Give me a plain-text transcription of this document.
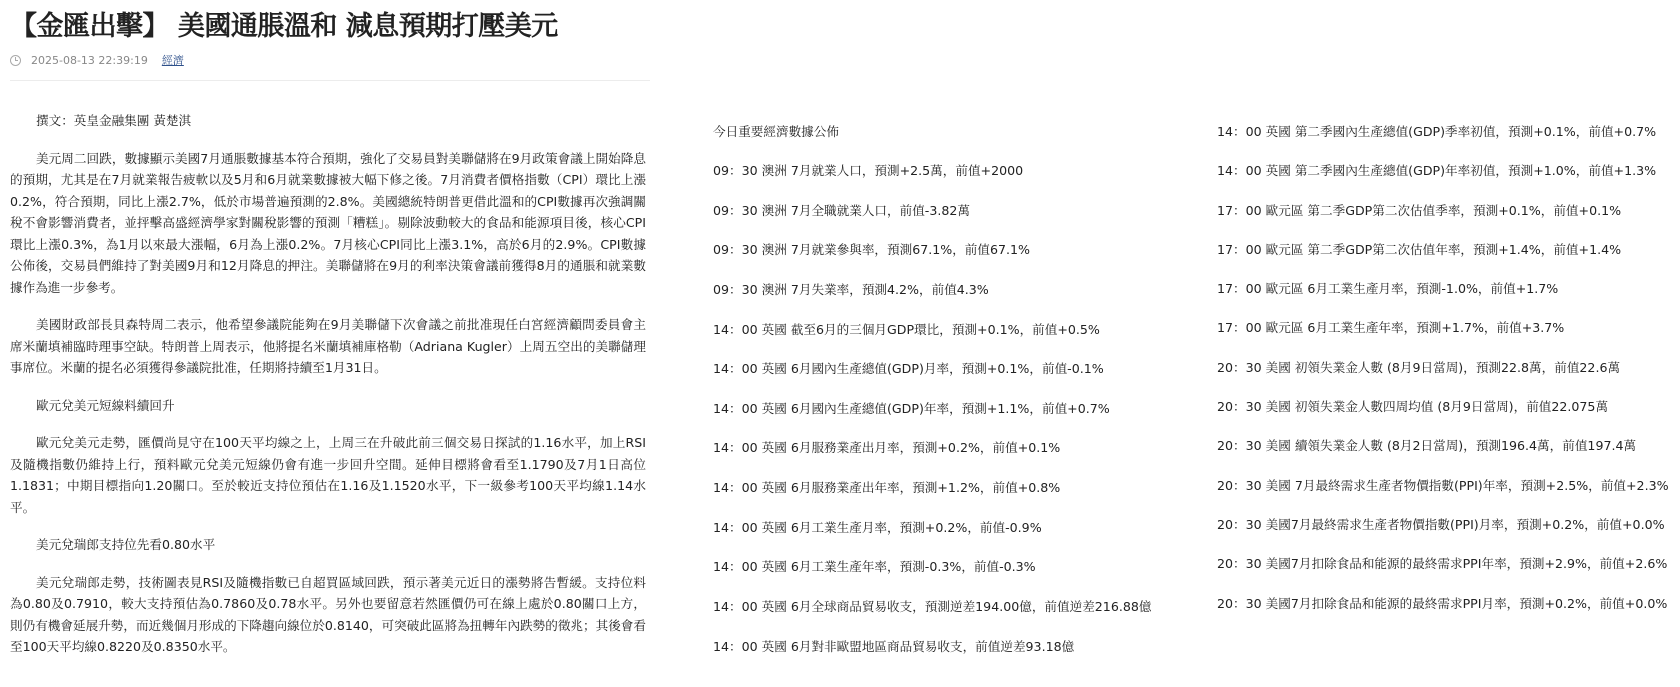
【金匯出擊】 美國通脹溫和 減息預期打壓美元
2025-08-13 22:39:19 經濟

撰文：英皇金融集團 黃楚淇

美元周二回跌，數據顯示美國7月通脹數據基本符合預期，強化了交易員對美聯儲將在9月政策會議上開始降息的預期，尤其是在7月就業報告疲軟以及5月和6月就業數據被大幅下修之後。7月消費者價格指數（CPI）環比上漲0.2%，符合預期，同比上漲2.7%，低於市場普遍預測的2.8%。美國總統特朗普更借此溫和的CPI數據再次強調關稅不會影響消費者，並抨擊高盛經濟學家對關稅影響的預測「糟糕」。剔除波動較大的食品和能源項目後，核心CPI環比上漲0.3%，為1月以來最大漲幅，6月為上漲0.2%。7月核心CPI同比上漲3.1%，高於6月的2.9%。CPI數據公佈後，交易員們維持了對美國9月和12月降息的押注。美聯儲將在9月的利率決策會議前獲得8月的通脹和就業數據作為進一步參考。

美國財政部長貝森特周二表示，他希望參議院能夠在9月美聯儲下次會議之前批准現任白宮經濟顧問委員會主席米蘭填補臨時理事空缺。特朗普上周表示，他將提名米蘭填補庫格勒（Adriana Kugler）上周五空出的美聯儲理事席位。米蘭的提名必須獲得參議院批准，任期將持續至1月31日。

歐元兌美元短線料續回升

歐元兌美元走勢，匯價尚見守在100天平均線之上，上周三在升破此前三個交易日探試的1.16水平，加上RSI及隨機指數仍維持上行，預料歐元兌美元短線仍會有進一步回升空間。延伸目標將會看至1.1790及7月1日高位1.1831；中期目標指向1.20關口。至於較近支持位預估在1.16及1.1520水平，下一級參考100天平均線1.14水平。

美元兌瑞郎支持位先看0.80水平

美元兌瑞郎走勢，技術圖表見RSI及隨機指數已自超買區域回跌，預示著美元近日的漲勢將告暫緩。支持位料為0.80及0.7910，較大支持預估為0.7860及0.78水平。另外也要留意若然匯價仍可在線上處於0.80關口上方，則仍有機會延展升勢，而近幾個月形成的下降趨向線位於0.8140，可突破此區將為扭轉年內跌勢的徵兆；其後會看至100天平均線0.8220及0.8350水平。

今日重要經濟數據公佈
09：30 澳洲 7月就業人口，預測+2.5萬，前值+2000
09：30 澳洲 7月全職就業人口，前值-3.82萬
09：30 澳洲 7月就業參與率，預測67.1%，前值67.1%
09：30 澳洲 7月失業率，預測4.2%，前值4.3%
14：00 英國 截至6月的三個月GDP環比，預測+0.1%，前值+0.5%
14：00 英國 6月國內生產總值(GDP)月率，預測+0.1%，前值-0.1%
14：00 英國 6月國內生產總值(GDP)年率，預測+1.1%，前值+0.7%
14：00 英國 6月服務業產出月率，預測+0.2%，前值+0.1%
14：00 英國 6月服務業產出年率，預測+1.2%，前值+0.8%
14：00 英國 6月工業生產月率，預測+0.2%，前值-0.9%
14：00 英國 6月工業生產年率，預測-0.3%，前值-0.3%
14：00 英國 6月全球商品貿易收支，預測逆差194.00億，前值逆差216.88億
14：00 英國 6月對非歐盟地區商品貿易收支，前值逆差93.18億
14：00 英國 第二季國內生產總值(GDP)季率初值，預測+0.1%，前值+0.7%
14：00 英國 第二季國內生產總值(GDP)年率初值，預測+1.0%，前值+1.3%
17：00 歐元區 第二季GDP第二次估值季率，預測+0.1%，前值+0.1%
17：00 歐元區 第二季GDP第二次估值年率，預測+1.4%，前值+1.4%
17：00 歐元區 6月工業生產月率，預測-1.0%，前值+1.7%
17：00 歐元區 6月工業生產年率，預測+1.7%，前值+3.7%
20：30 美國 初領失業金人數 (8月9日當周)，預測22.8萬，前值22.6萬
20：30 美國 初領失業金人數四周均值 (8月9日當周)，前值22.075萬
20：30 美國 續領失業金人數 (8月2日當周)，預測196.4萬，前值197.4萬
20：30 美國 7月最終需求生產者物價指數(PPI)年率，預測+2.5%，前值+2.3%
20：30 美國7月最終需求生產者物價指數(PPI)月率，預測+0.2%，前值+0.0%
20：30 美國7月扣除食品和能源的最終需求PPI年率，預測+2.9%，前值+2.6%
20：30 美國7月扣除食品和能源的最終需求PPI月率，預測+0.2%，前值+0.0%
